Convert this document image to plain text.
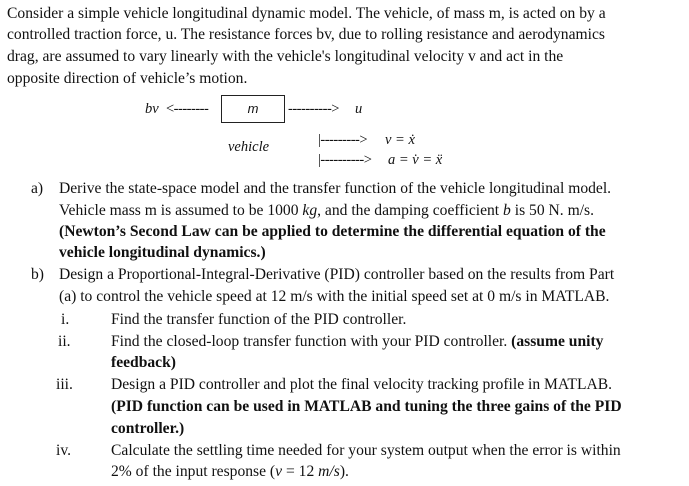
Consider a simple vehicle longitudinal dynamic model. The vehicle, of mass m, is acted on by a
controlled traction force, u. The resistance forces bv, due to rolling resistance and aerodynamics
drag, are assumed to vary linearly with the vehicle's longitudinal velocity v and act in the
opposite direction of vehicle’s motion.
bv <--------	m	----------> u
vehicle	|---------> v = ẋ
|----------> a = v̇ = ẍ
a) Derive the state-space model and the transfer function of the vehicle longitudinal model.
Vehicle mass m is assumed to be 1000 kg, and the damping coefficient b is 50 N. m/s.
(Newton’s Second Law can be applied to determine the differential equation of the
vehicle longitudinal dynamics.)
b) Design a Proportional-Integral-Derivative (PID) controller based on the results from Part
(a) to control the vehicle speed at 12 m/s with the initial speed set at 0 m/s in MATLAB.
i.	Find the transfer function of the PID controller.
ii.	Find the closed-loop transfer function with your PID controller. (assume unity
feedback)
iii. Design a PID controller and plot the final velocity tracking profile in MATLAB.
(PID function can be used in MATLAB and tuning the three gains of the PID
controller.)
iv.	Calculate the settling time needed for your system output when the error is within
2% of the input response (v = 12 m/s).
